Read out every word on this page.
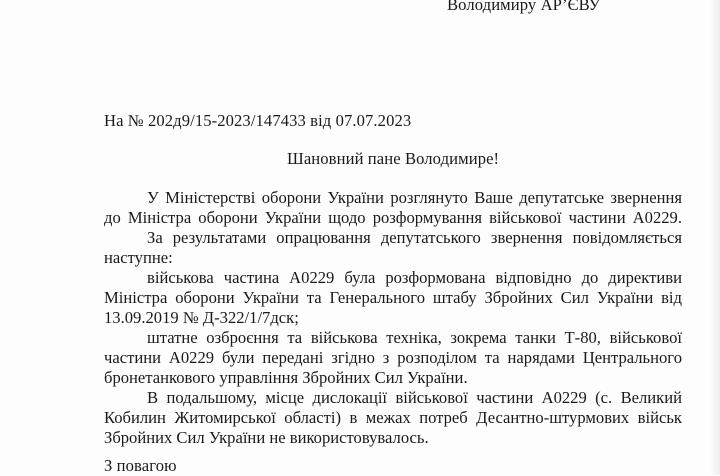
Володимиру АР’ЄВУ
На № 202д9/15-2023/147433 від 07.07.2023
Шановний пане Володимире!
У Міністерстві оборони України розглянуто Ваше депутатське звернення
до Міністра оборони України щодо розформування військової частини А0229.
За результатами опрацювання депутатського звернення повідомляється
наступне:
військова частина А0229 була розформована відповідно до директиви
Міністра оборони України та Генерального штабу Збройних Сил України від
13.09.2019 № Д-322/1/7дск;
штатне озброєння та військова техніка, зокрема танки Т-80, військової
частини А0229 були передані згідно з розподілом та нарядами Центрального
бронетанкового управління Збройних Сил України.
В подальшому, місце дислокації військової частини А0229 (с. Великий
Кобилин Житомирської області) в межах потреб Десантно-штурмових військ
Збройних Сил України не використовувалось.
З повагою
